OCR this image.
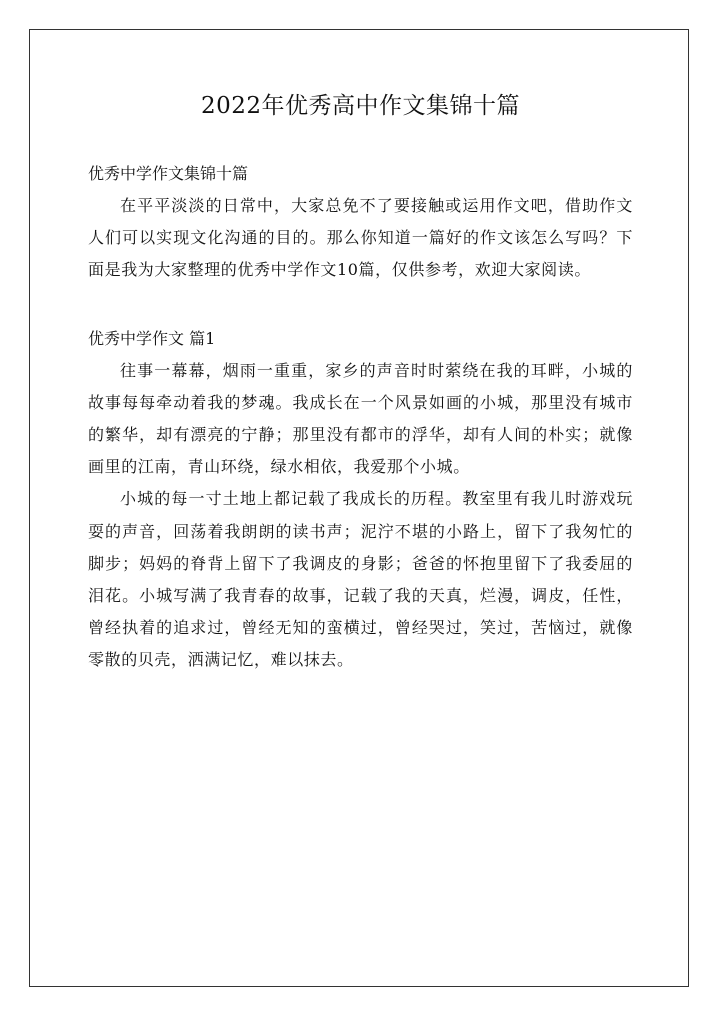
2022年优秀高中作文集锦十篇

优秀中学作文集锦十篇

在平平淡淡的日常中，大家总免不了要接触或运用作文吧，借助作文人们可以实现文化沟通的目的。那么你知道一篇好的作文该怎么写吗？下面是我为大家整理的优秀中学作文10篇，仅供参考，欢迎大家阅读。

优秀中学作文 篇1

往事一幕幕，烟雨一重重，家乡的声音时时萦绕在我的耳畔，小城的故事每每牵动着我的梦魂。我成长在一个风景如画的小城，那里没有城市的繁华，却有漂亮的宁静；那里没有都市的浮华，却有人间的朴实；就像画里的江南，青山环绕，绿水相依，我爱那个小城。

小城的每一寸土地上都记载了我成长的历程。教室里有我儿时游戏玩耍的声音，回荡着我朗朗的读书声；泥泞不堪的小路上，留下了我匆忙的脚步；妈妈的脊背上留下了我调皮的身影；爸爸的怀抱里留下了我委屈的泪花。小城写满了我青春的故事，记载了我的天真，烂漫，调皮，任性，曾经执着的追求过，曾经无知的蛮横过，曾经哭过，笑过，苦恼过，就像零散的贝壳，洒满记忆，难以抹去。
